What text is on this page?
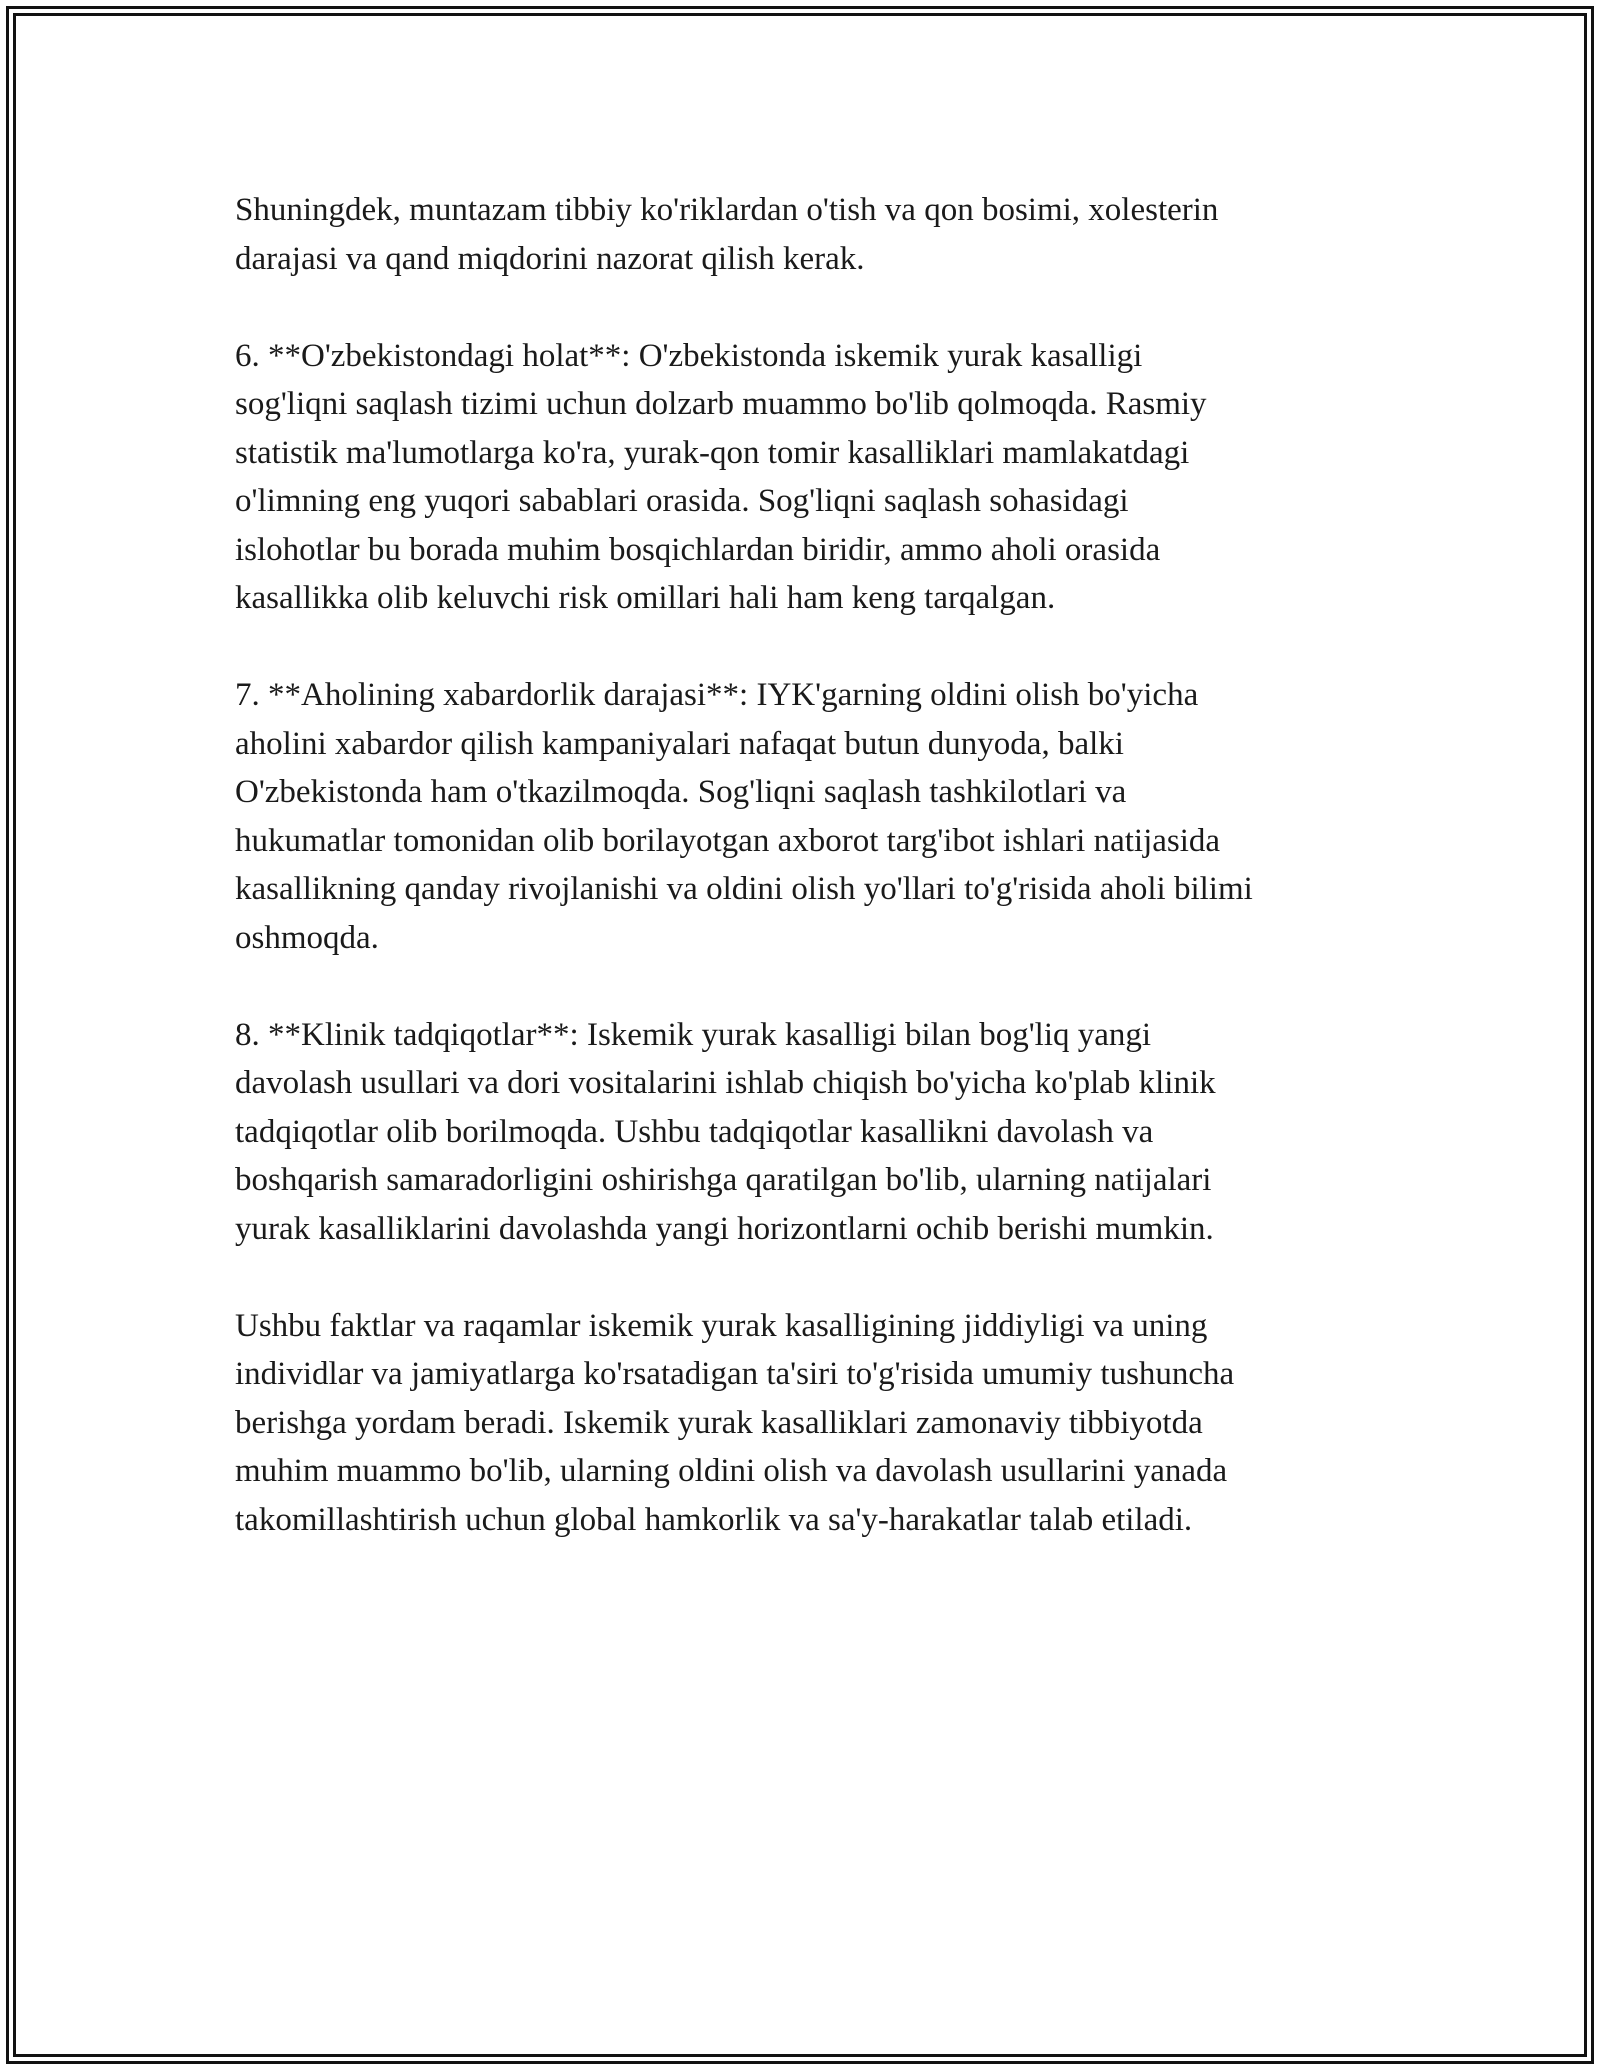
Shuningdek, muntazam tibbiy ko'riklardan o'tish va qon bosimi, xolesterin
darajasi va qand miqdorini nazorat qilish kerak.

6. **O'zbekistondagi holat**: O'zbekistonda iskemik yurak kasalligi
sog'liqni saqlash tizimi uchun dolzarb muammo bo'lib qolmoqda. Rasmiy
statistik ma'lumotlarga ko'ra, yurak-qon tomir kasalliklari mamlakatdagi
o'limning eng yuqori sabablari orasida. Sog'liqni saqlash sohasidagi
islohotlar bu borada muhim bosqichlardan biridir, ammo aholi orasida
kasallikka olib keluvchi risk omillari hali ham keng tarqalgan.

7. **Aholining xabardorlik darajasi**: IYK'garning oldini olish bo'yicha
aholini xabardor qilish kampaniyalari nafaqat butun dunyoda, balki
O'zbekistonda ham o'tkazilmoqda. Sog'liqni saqlash tashkilotlari va
hukumatlar tomonidan olib borilayotgan axborot targ'ibot ishlari natijasida
kasallikning qanday rivojlanishi va oldini olish yo'llari to'g'risida aholi bilimi
oshmoqda.

8. **Klinik tadqiqotlar**: Iskemik yurak kasalligi bilan bog'liq yangi
davolash usullari va dori vositalarini ishlab chiqish bo'yicha ko'plab klinik
tadqiqotlar olib borilmoqda. Ushbu tadqiqotlar kasallikni davolash va
boshqarish samaradorligini oshirishga qaratilgan bo'lib, ularning natijalari
yurak kasalliklarini davolashda yangi horizontlarni ochib berishi mumkin.

Ushbu faktlar va raqamlar iskemik yurak kasalligining jiddiyligi va uning
individlar va jamiyatlarga ko'rsatadigan ta'siri to'g'risida umumiy tushuncha
berishga yordam beradi. Iskemik yurak kasalliklari zamonaviy tibbiyotda
muhim muammo bo'lib, ularning oldini olish va davolash usullarini yanada
takomillashtirish uchun global hamkorlik va sa'y-harakatlar talab etiladi.
